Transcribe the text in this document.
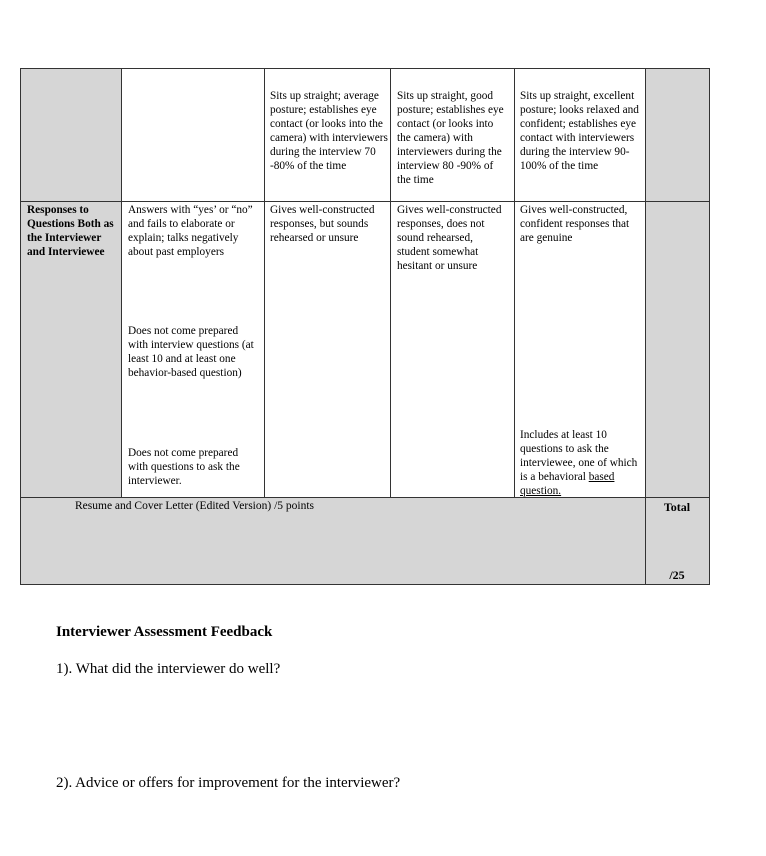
Sits up straight; average posture; establishes eye contact (or looks into the camera) with interviewers during the interview 70 -80% of the time
Sits up straight, good posture; establishes eye contact (or looks into the camera) with interviewers during the interview 80 -90% of the time
Sits up straight, excellent posture; looks relaxed and confident; establishes eye contact with interviewers during the interview 90-100% of the time
Responses to Questions Both as the Interviewer and Interviewee
Answers with “yes’ or “no” and fails to elaborate or explain; talks negatively about past employers
Does not come prepared with interview questions (at least 10 and at least one behavior-based question)
Does not come prepared with questions to ask the interviewer.
Gives well-constructed responses, but sounds rehearsed or unsure
Gives well-constructed responses, does not sound rehearsed, student somewhat hesitant or unsure
Gives well-constructed, confident responses that are genuine
Includes at least 10 questions to ask the interviewee, one of which is a behavioral based question.
Resume and Cover Letter (Edited Version) /5 points	Total
/25
Interviewer Assessment Feedback
1). What did the interviewer do well?
2). Advice or offers for improvement for the interviewer?
